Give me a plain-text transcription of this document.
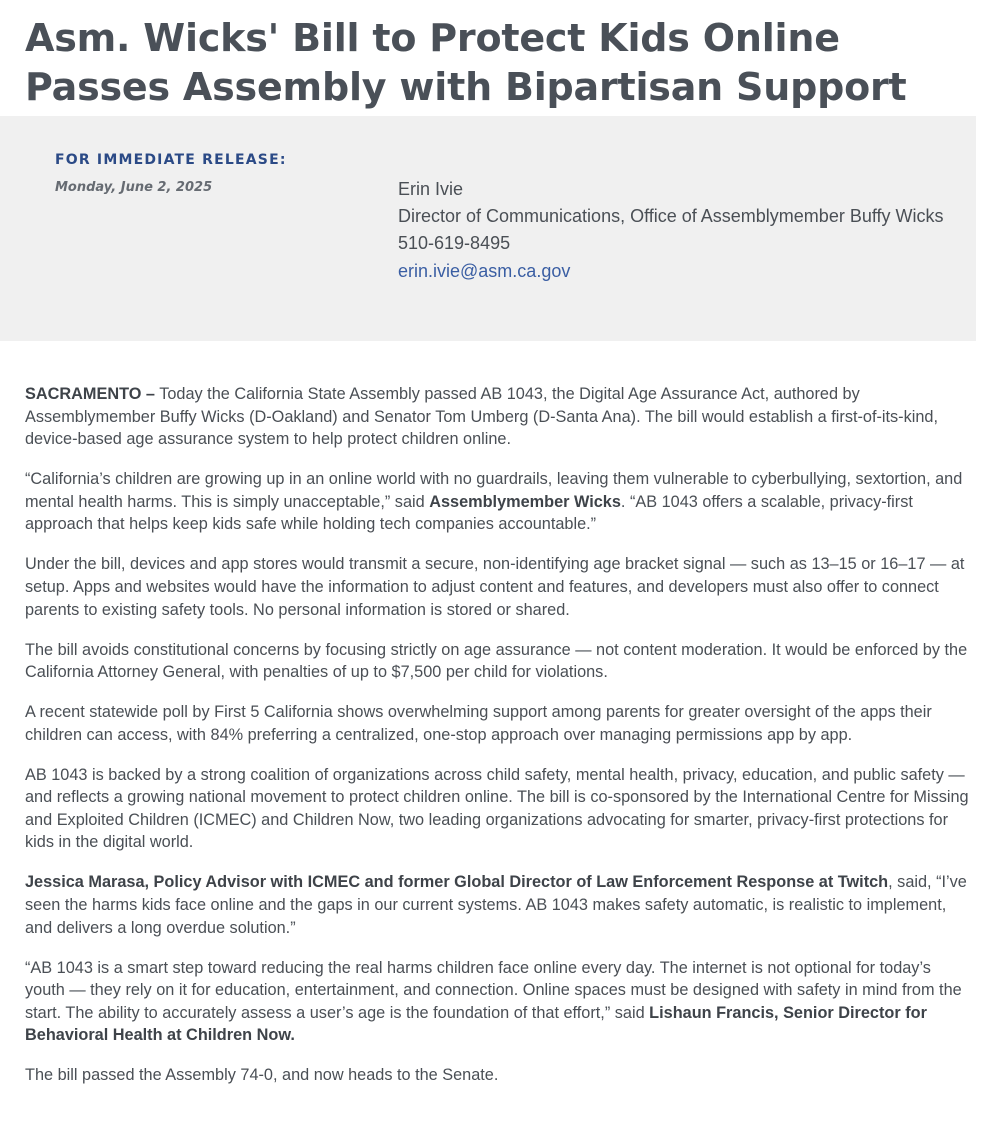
Asm. Wicks' Bill to Protect Kids Online Passes Assembly with Bipartisan Support
FOR IMMEDIATE RELEASE:
Monday, June 2, 2025	Erin Ivie
Director of Communications, Office of Assemblymember Buffy Wicks
510-619-8495
erin.ivie@asm.ca.gov

SACRAMENTO – Today the California State Assembly passed AB 1043, the Digital Age Assurance Act, authored by Assemblymember Buffy Wicks (D-Oakland) and Senator Tom Umberg (D-Santa Ana). The bill would establish a first-of-its-kind, device-based age assurance system to help protect children online.

“California’s children are growing up in an online world with no guardrails, leaving them vulnerable to cyberbullying, sextortion, and mental health harms. This is simply unacceptable,” said Assemblymember Wicks. “AB 1043 offers a scalable, privacy-first approach that helps keep kids safe while holding tech companies accountable.”

Under the bill, devices and app stores would transmit a secure, non-identifying age bracket signal — such as 13–15 or 16–17 — at setup. Apps and websites would have the information to adjust content and features, and developers must also offer to connect parents to existing safety tools. No personal information is stored or shared.

The bill avoids constitutional concerns by focusing strictly on age assurance — not content moderation. It would be enforced by the California Attorney General, with penalties of up to $7,500 per child for violations.

A recent statewide poll by First 5 California shows overwhelming support among parents for greater oversight of the apps their children can access, with 84% preferring a centralized, one-stop approach over managing permissions app by app.

AB 1043 is backed by a strong coalition of organizations across child safety, mental health, privacy, education, and public safety — and reflects a growing national movement to protect children online. The bill is co-sponsored by the International Centre for Missing and Exploited Children (ICMEC) and Children Now, two leading organizations advocating for smarter, privacy-first protections for kids in the digital world.

Jessica Marasa, Policy Advisor with ICMEC and former Global Director of Law Enforcement Response at Twitch, said, “I’ve seen the harms kids face online and the gaps in our current systems. AB 1043 makes safety automatic, is realistic to implement, and delivers a long overdue solution.”

“AB 1043 is a smart step toward reducing the real harms children face online every day. The internet is not optional for today’s youth — they rely on it for education, entertainment, and connection. Online spaces must be designed with safety in mind from the start. The ability to accurately assess a user’s age is the foundation of that effort,” said Lishaun Francis, Senior Director for Behavioral Health at Children Now.

The bill passed the Assembly 74-0, and now heads to the Senate.
